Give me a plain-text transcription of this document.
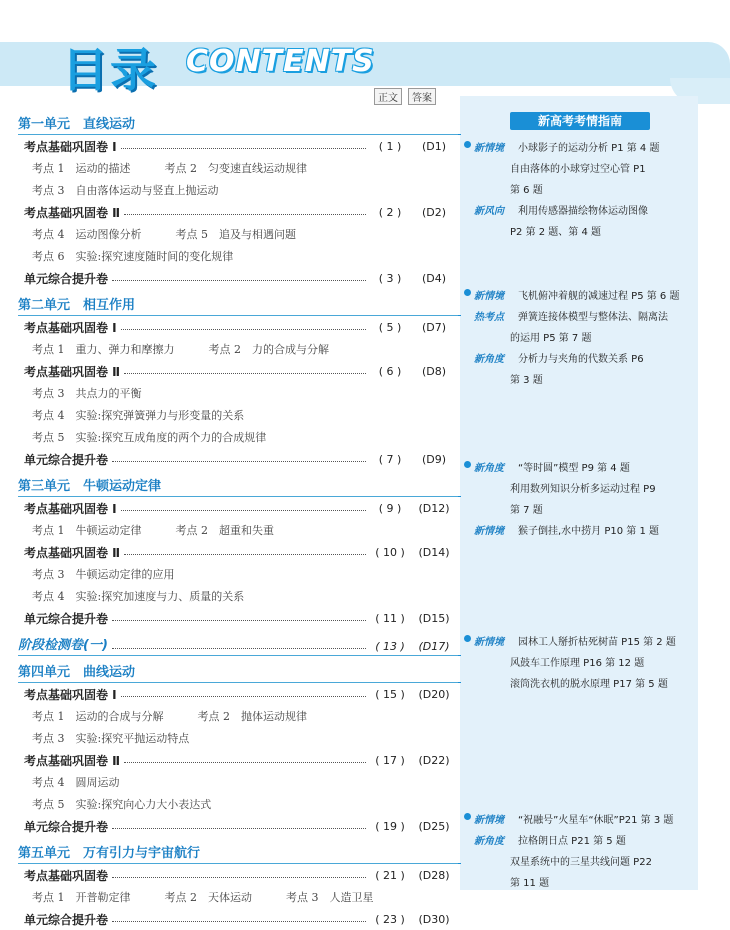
目录 CONTENTS
正文 答案
第一单元　直线运动
考点基础巩固卷 Ⅰ	( 1 )	(D1)
考点 1　运动的描述	考点 2　匀变速直线运动规律
考点 3　自由落体运动与竖直上抛运动
考点基础巩固卷 Ⅱ	( 2 )	(D2)
考点 4　运动图像分析	考点 5　追及与相遇问题
考点 6　实验:探究速度随时间的变化规律
单元综合提升卷	( 3 )	(D4)
第二单元　相互作用
考点基础巩固卷 Ⅰ	( 5 )	(D7)
考点 1　重力、弹力和摩擦力	考点 2　力的合成与分解
考点基础巩固卷 Ⅱ	( 6 )	(D8)
考点 3　共点力的平衡
考点 4　实验:探究弹簧弹力与形变量的关系
考点 5　实验:探究互成角度的两个力的合成规律
单元综合提升卷	( 7 )	(D9)
第三单元　牛顿运动定律
考点基础巩固卷 Ⅰ	( 9 )	(D12)
考点 1　牛顿运动定律	考点 2　超重和失重
考点基础巩固卷 Ⅱ	( 10 )	(D14)
考点 3　牛顿运动定律的应用
考点 4　实验:探究加速度与力、质量的关系
单元综合提升卷	( 11 )	(D15)
阶段检测卷(一)	( 13 )	(D17)
第四单元　曲线运动
考点基础巩固卷 Ⅰ	( 15 )	(D20)
考点 1　运动的合成与分解	考点 2　抛体运动规律
考点 3　实验:探究平抛运动特点
考点基础巩固卷 Ⅱ	( 17 )	(D22)
考点 4　圆周运动
考点 5　实验:探究向心力大小表达式
单元综合提升卷	( 19 )	(D25)
第五单元　万有引力与宇宙航行
考点基础巩固卷	( 21 )	(D28)
考点 1　开普勒定律	考点 2　天体运动	考点 3　人造卫星
单元综合提升卷	( 23 )	(D30)
新高考考情指南
新情境	小球影子的运动分析 P1 第 4 题
自由落体的小球穿过空心管 P1
第 6 题
新风向	利用传感器描绘物体运动图像
P2 第 2 题、第 4 题
新情境	飞机俯冲着舰的减速过程 P5 第 6 题
热考点	弹簧连接体模型与整体法、隔离法
的运用 P5 第 7 题
新角度	分析力与夹角的代数关系 P6
第 3 题
新角度	“等时圆”模型 P9 第 4 题
利用数列知识分析多运动过程 P9
第 7 题
新情境	猴子倒挂,水中捞月 P10 第 1 题
新情境	园林工人掰折枯死树苗 P15 第 2 题
风鼓车工作原理 P16 第 12 题
滚筒洗衣机的脱水原理 P17 第 5 题
新情境	“祝融号”火星车“休眠”P21 第 3 题
新角度	拉格朗日点 P21 第 5 题
双星系统中的三星共线问题 P22
第 11 题
